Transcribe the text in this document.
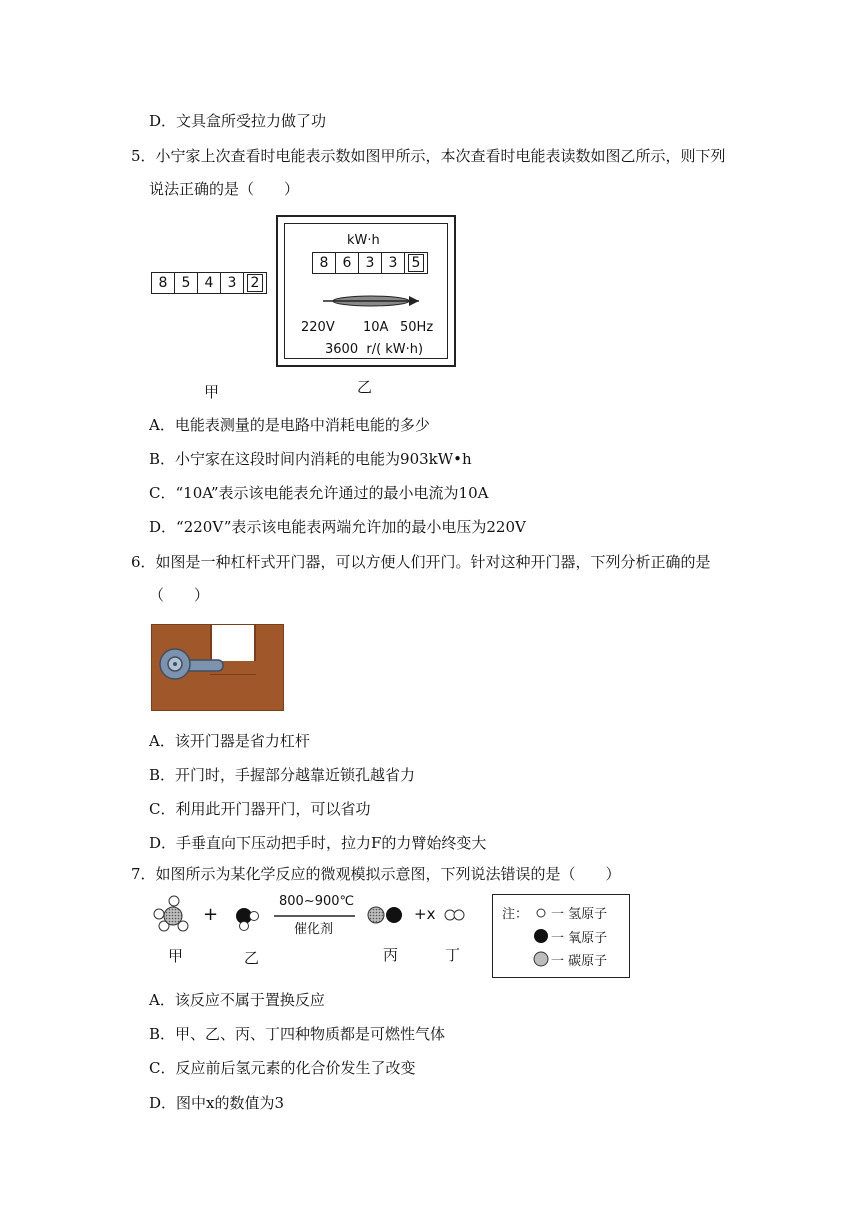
D．文具盒所受拉力做了功
5．小宁家上次查看时电能表示数如图甲所示，本次查看时电能表读数如图乙所示，则下列
说法正确的是（　　）
8	5	4	3	2
甲
kW·h
8	6	3	3	5
220V 10A 50Hz
3600  r/( kW·h)
乙
A．电能表测量的是电路中消耗电能的多少
B．小宁家在这段时间内消耗的电能为903kW•h
C．“10A”表示该电能表允许通过的最小电流为10A
D．“220V”表示该电能表两端允许加的最小电压为220V
6．如图是一种杠杆式开门器，可以方便人们开门。针对这种开门器，下列分析正确的是
（　　）
A．该开门器是省力杠杆
B．开门时，手握部分越靠近锁孔越省力
C．利用此开门器开门，可以省功
D．手垂直向下压动把手时，拉力F的力臂始终变大
7．如图所示为某化学反应的微观模拟示意图，下列说法错误的是（　　）
+
800~900℃
催化剂
+x
甲	乙	丙	丁
注： 一 氢原子
一 氧原子
一 碳原子
A．该反应不属于置换反应
B．甲、乙、丙、丁四种物质都是可燃性气体
C．反应前后氢元素的化合价发生了改变
D．图中x的数值为3
